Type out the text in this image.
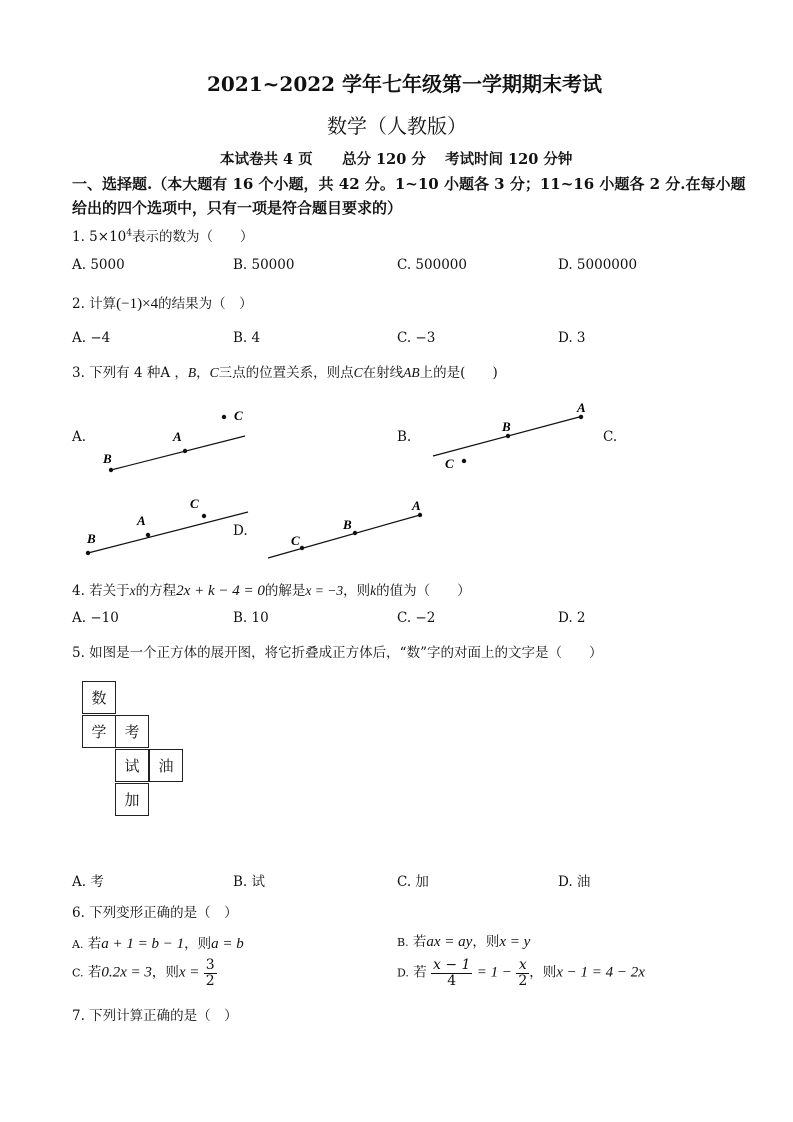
2021~2022 学年七年级第一学期期末考试
数学（人教版）
本试卷共 4 页 总分 120 分 考试时间 120 分钟
一、选择题.（本大题有 16 个小题，共 42 分。1~10 小题各 3 分；11~16 小题各 2 分.在每小题
给出的四个选项中，只有一项是符合题目要求的）
1. $5\times 10^4$表示的数为（　　）
A. 5000	B. 50000	C. 500000	D. 5000000
2. 计算(−1)×4的结果为（　）
A. −4	B. 4	C. −3	D. 3
3. 下列有 4 种A ，B，C三点的位置关系，则点C在射线AB上的是(　　)
A.	B.	C.
D.
B
A
C
B
A
C
B
A
C
C
B
A
4. 若关于x的方程2x + k − 4 = 0的解是x = −3，则k的值为（　　）
A. −10	B. 10	C. −2	D. 2
5. 如图是一个正方体的展开图，将它折叠成正方体后，“数”字的对面上的文字是（　　）
数
学	考
试	油
加
A. 考	B. 试	C. 加	D. 油
6. 下列变形正确的是（　）
A. 若a + 1 = b − 1，则a = b	B. 若ax = ay，则x = y
C. 若0.2x = 3，则$x = \frac{3}{2}$	D. 若 $\frac{x - 1}{4} = 1 - \frac{x}{2}$ ，则x − 1 = 4 − 2x
7. 下列计算正确的是（　）
